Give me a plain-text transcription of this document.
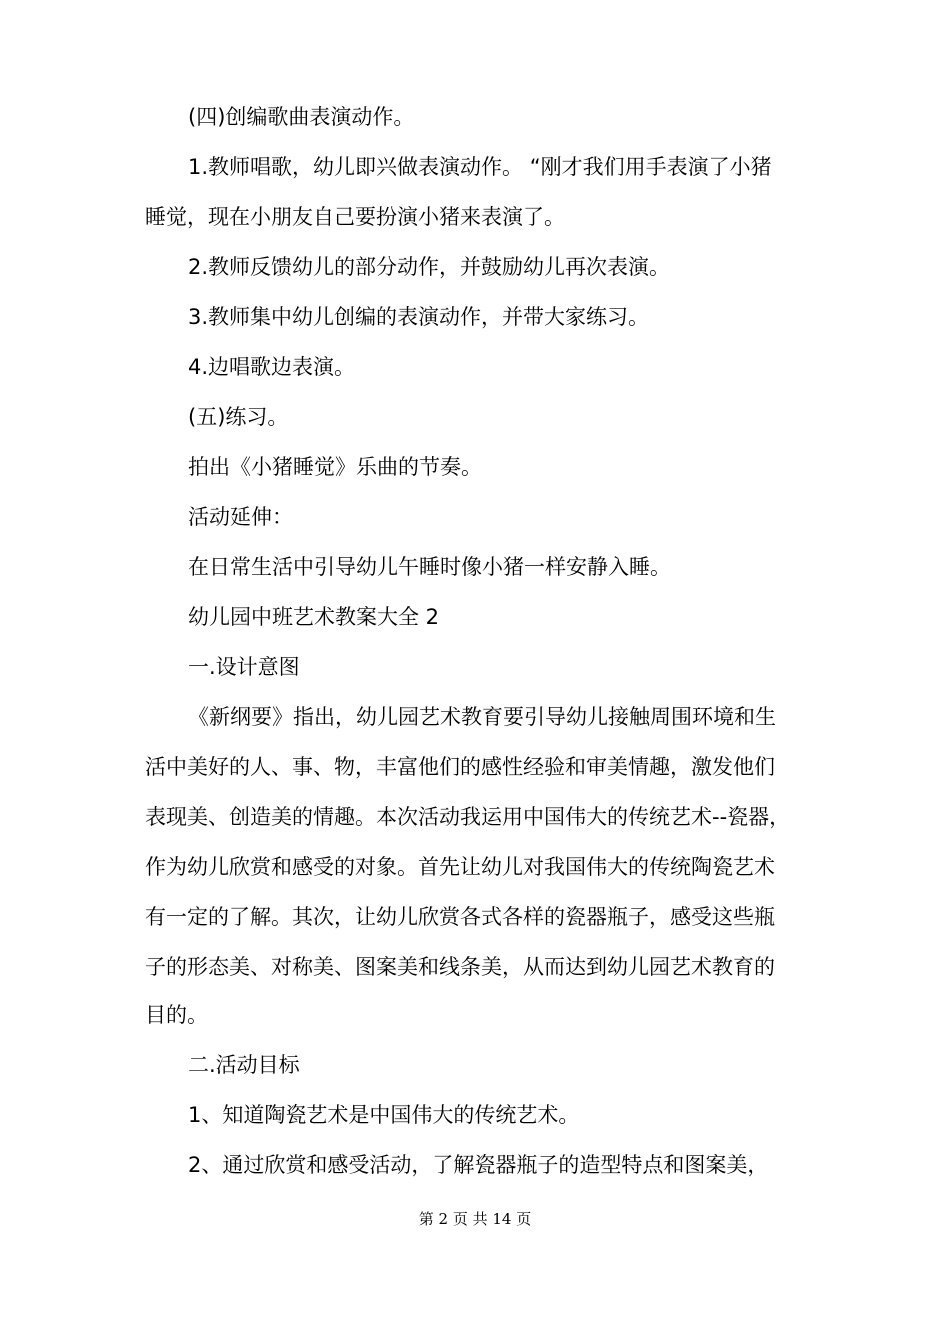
(四)创编歌曲表演动作。

1.教师唱歌，幼儿即兴做表演动作。 “刚才我们用手表演了小猪

睡觉，现在小朋友自己要扮演小猪来表演了。

2.教师反馈幼儿的部分动作，并鼓励幼儿再次表演。

3.教师集中幼儿创编的表演动作，并带大家练习。

4.边唱歌边表演。

(五)练习。

拍出《小猪睡觉》乐曲的节奏。

活动延伸：

在日常生活中引导幼儿午睡时像小猪一样安静入睡。

幼儿园中班艺术教案大全 2

一.设计意图

《新纲要》指出，幼儿园艺术教育要引导幼儿接触周围环境和生

活中美好的人、事、物，丰富他们的感性经验和审美情趣，激发他们

表现美、创造美的情趣。本次活动我运用中国伟大的传统艺术--瓷器，

作为幼儿欣赏和感受的对象。首先让幼儿对我国伟大的传统陶瓷艺术

有一定的了解。其次，让幼儿欣赏各式各样的瓷器瓶子，感受这些瓶

子的形态美、对称美、图案美和线条美，从而达到幼儿园艺术教育的

目的。

二.活动目标

1、知道陶瓷艺术是中国伟大的传统艺术。

2、通过欣赏和感受活动，了解瓷器瓶子的造型特点和图案美，

第 2 页 共 14 页
